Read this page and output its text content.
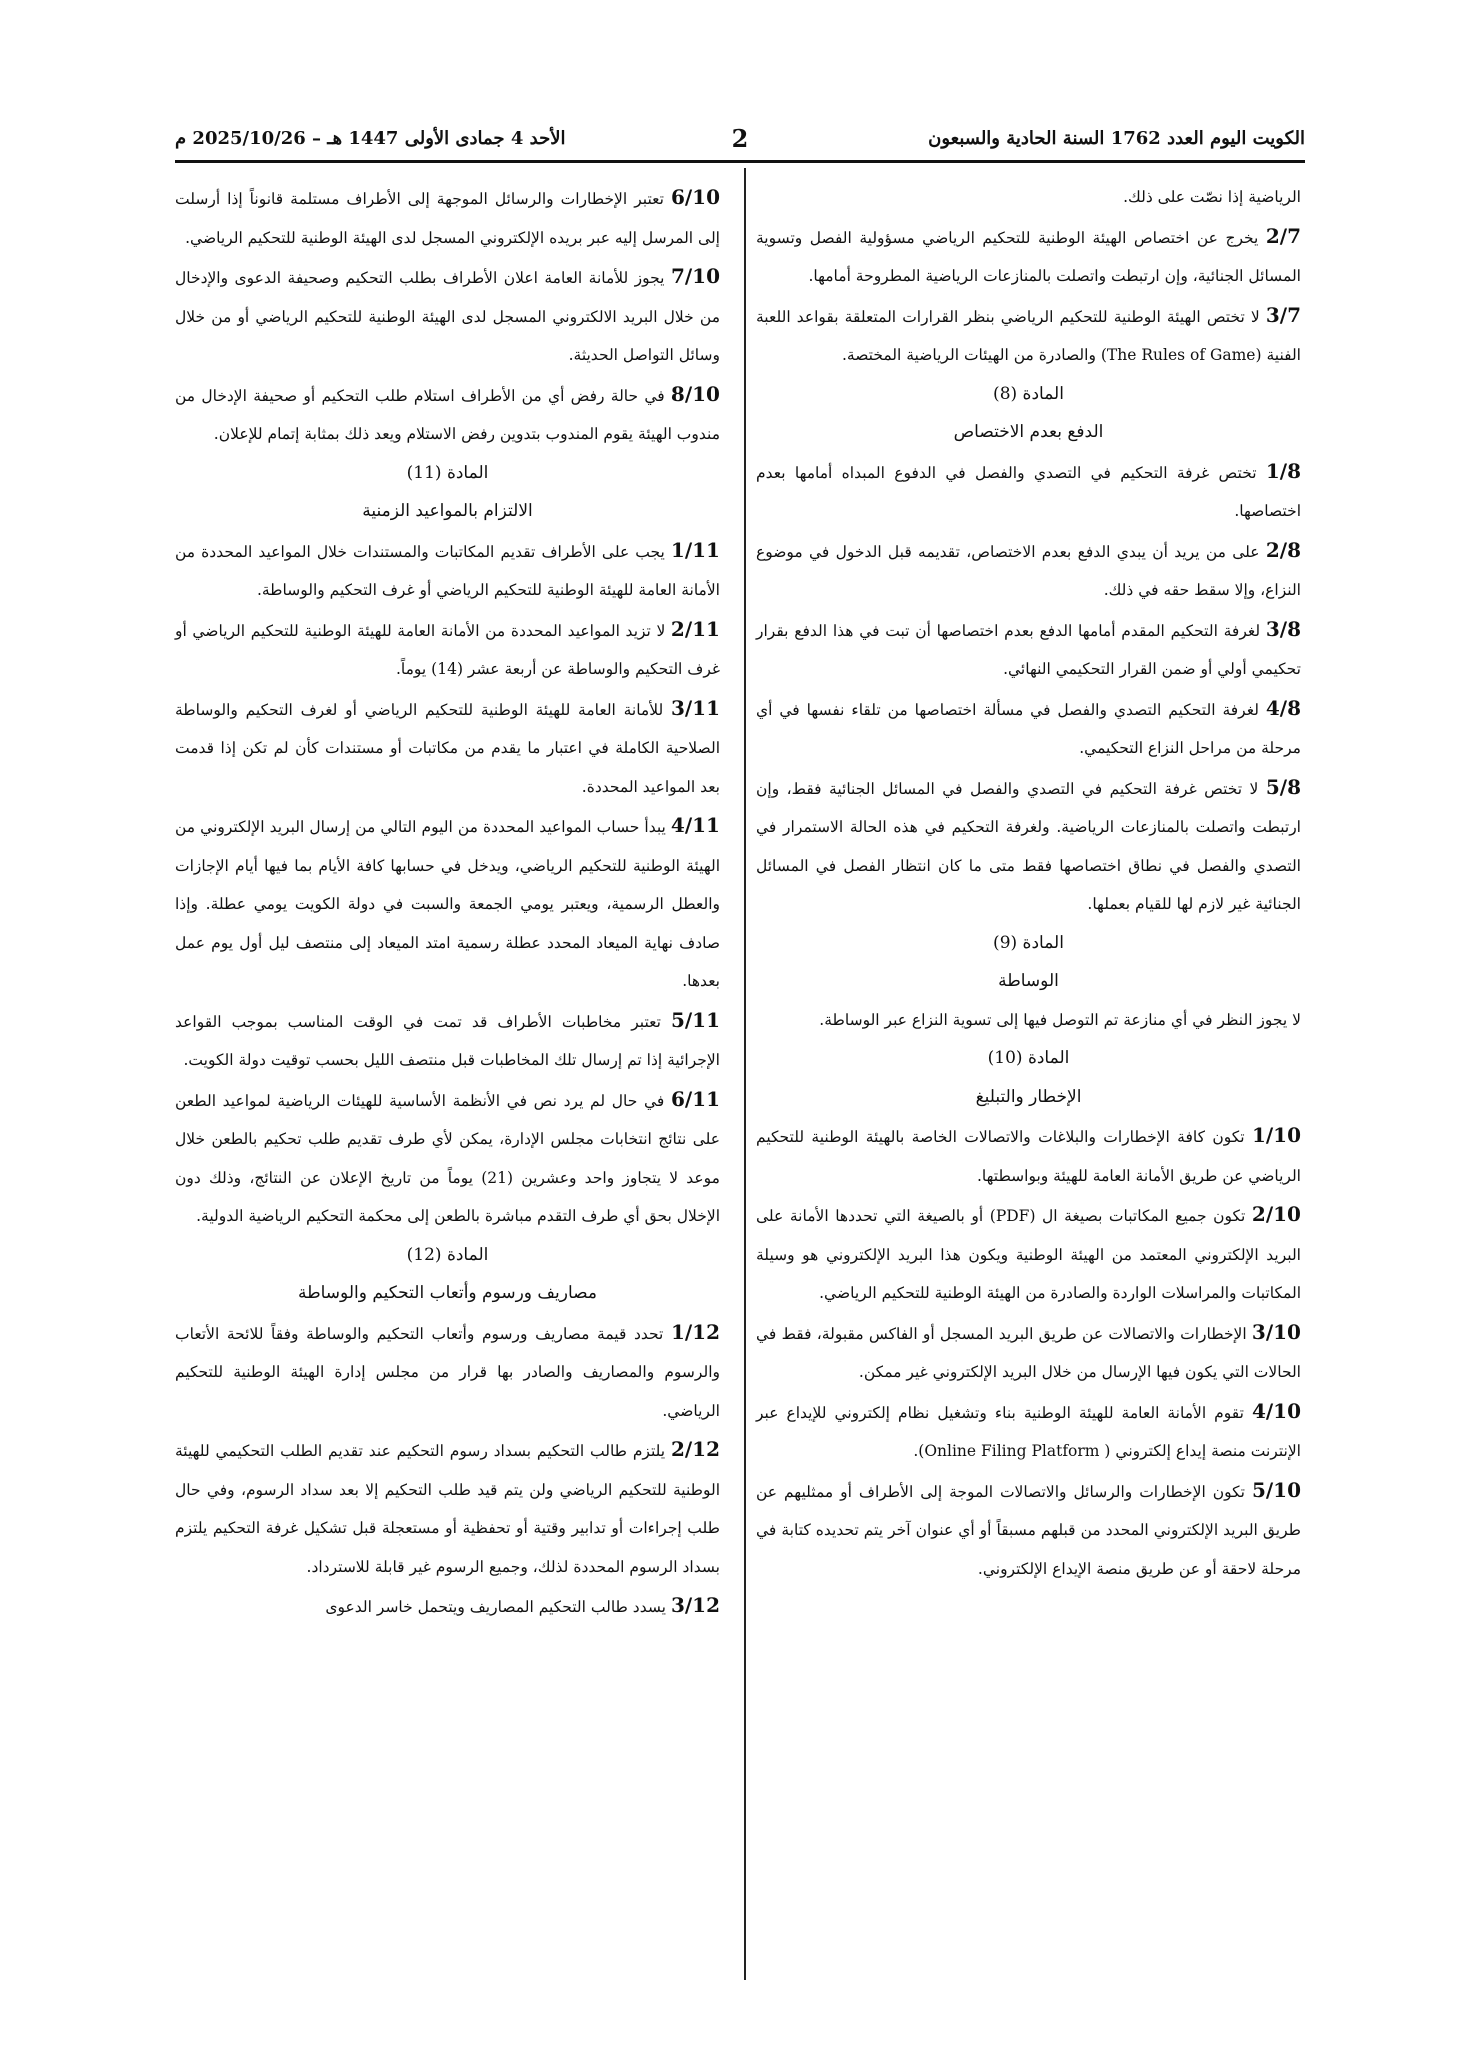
الكويت اليوم العدد 1762 السنة الحادية والسبعون
2
الأحد 4 جمادى الأولى 1447 هـ – 2025/10/26 م

الرياضية إذا نصّت على ذلك.

2/7 يخرج عن اختصاص الهيئة الوطنية للتحكيم الرياضي مسؤولية الفصل وتسوية المسائل الجنائية، وإن ارتبطت واتصلت بالمنازعات الرياضية المطروحة أمامها.

3/7 لا تختص الهيئة الوطنية للتحكيم الرياضي بنظر القرارات المتعلقة بقواعد اللعبة الفنية (The Rules of Game) والصادرة من الهيئات الرياضية المختصة.

المادة (8)

الدفع بعدم الاختصاص

1/8 تختص غرفة التحكيم في التصدي والفصل في الدفوع المبداه أمامها بعدم اختصاصها.

2/8 على من يريد أن يبدي الدفع بعدم الاختصاص، تقديمه قبل الدخول في موضوع النزاع، وإلا سقط حقه في ذلك.

3/8 لغرفة التحكيم المقدم أمامها الدفع بعدم اختصاصها أن تبت في هذا الدفع بقرار تحكيمي أولي أو ضمن القرار التحكيمي النهائي.

4/8 لغرفة التحكيم التصدي والفصل في مسألة اختصاصها من تلقاء نفسها في أي مرحلة من مراحل النزاع التحكيمي.

5/8 لا تختص غرفة التحكيم في التصدي والفصل في المسائل الجنائية فقط، وإن ارتبطت واتصلت بالمنازعات الرياضية. ولغرفة التحكيم في هذه الحالة الاستمرار في التصدي والفصل في نطاق اختصاصها فقط متى ما كان انتظار الفصل في المسائل الجنائية غير لازم لها للقيام بعملها.

المادة (9)

الوساطة

لا يجوز النظر في أي منازعة تم التوصل فيها إلى تسوية النزاع عبر الوساطة.

المادة (10)

الإخطار والتبليغ

1/10 تكون كافة الإخطارات والبلاغات والاتصالات الخاصة بالهيئة الوطنية للتحكيم الرياضي عن طريق الأمانة العامة للهيئة وبواسطتها.

2/10 تكون جميع المكاتبات بصيغة ال (PDF) أو بالصيغة التي تحددها الأمانة على البريد الإلكتروني المعتمد من الهيئة الوطنية ويكون هذا البريد الإلكتروني هو وسيلة المكاتبات والمراسلات الواردة والصادرة من الهيئة الوطنية للتحكيم الرياضي.

3/10 الإخطارات والاتصالات عن طريق البريد المسجل أو الفاكس مقبولة، فقط في الحالات التي يكون فيها الإرسال من خلال البريد الإلكتروني غير ممكن.

4/10 تقوم الأمانة العامة للهيئة الوطنية بناء وتشغيل نظام إلكتروني للإيداع عبر الإنترنت منصة إيداع إلكتروني ( Online Filing Platform).

5/10 تكون الإخطارات والرسائل والاتصالات الموجة إلى الأطراف أو ممثليهم عن طريق البريد الإلكتروني المحدد من قبلهم مسبقاً أو أي عنوان آخر يتم تحديده كتابة في مرحلة لاحقة أو عن طريق منصة الإيداع الإلكتروني.

6/10 تعتبر الإخطارات والرسائل الموجهة إلى الأطراف مستلمة قانوناً إذا أرسلت إلى المرسل إليه عبر بريده الإلكتروني المسجل لدى الهيئة الوطنية للتحكيم الرياضي.

7/10 يجوز للأمانة العامة اعلان الأطراف بطلب التحكيم وصحيفة الدعوى والإدخال من خلال البريد الالكتروني المسجل لدى الهيئة الوطنية للتحكيم الرياضي أو من خلال وسائل التواصل الحديثة.

8/10 في حالة رفض أي من الأطراف استلام طلب التحكيم أو صحيفة الإدخال من مندوب الهيئة يقوم المندوب بتدوين رفض الاستلام ويعد ذلك بمثابة إتمام للإعلان.

المادة (11)

الالتزام بالمواعيد الزمنية

1/11 يجب على الأطراف تقديم المكاتبات والمستندات خلال المواعيد المحددة من الأمانة العامة للهيئة الوطنية للتحكيم الرياضي أو غرف التحكيم والوساطة.

2/11 لا تزيد المواعيد المحددة من الأمانة العامة للهيئة الوطنية للتحكيم الرياضي أو غرف التحكيم والوساطة عن أربعة عشر (14) يوماً.

3/11 للأمانة العامة للهيئة الوطنية للتحكيم الرياضي أو لغرف التحكيم والوساطة الصلاحية الكاملة في اعتبار ما يقدم من مكاتبات أو مستندات كأن لم تكن إذا قدمت بعد المواعيد المحددة.

4/11 يبدأ حساب المواعيد المحددة من اليوم التالي من إرسال البريد الإلكتروني من الهيئة الوطنية للتحكيم الرياضي، ويدخل في حسابها كافة الأيام بما فيها أيام الإجازات والعطل الرسمية، ويعتبر يومي الجمعة والسبت في دولة الكويت يومي عطلة. وإذا صادف نهاية الميعاد المحدد عطلة رسمية امتد الميعاد إلى منتصف ليل أول يوم عمل بعدها.

5/11 تعتبر مخاطبات الأطراف قد تمت في الوقت المناسب بموجب القواعد الإجرائية إذا تم إرسال تلك المخاطبات قبل منتصف الليل بحسب توقيت دولة الكويت.

6/11 في حال لم يرد نص في الأنظمة الأساسية للهيئات الرياضية لمواعيد الطعن على نتائج انتخابات مجلس الإدارة، يمكن لأي طرف تقديم طلب تحكيم بالطعن خلال موعد لا يتجاوز واحد وعشرين (21) يوماً من تاريخ الإعلان عن النتائج، وذلك دون الإخلال بحق أي طرف التقدم مباشرة بالطعن إلى محكمة التحكيم الرياضية الدولية.

المادة (12)

مصاريف ورسوم وأتعاب التحكيم والوساطة

1/12 تحدد قيمة مصاريف ورسوم وأتعاب التحكيم والوساطة وفقاً للائحة الأتعاب والرسوم والمصاريف والصادر بها قرار من مجلس إدارة الهيئة الوطنية للتحكيم الرياضي.

2/12 يلتزم طالب التحكيم بسداد رسوم التحكيم عند تقديم الطلب التحكيمي للهيئة الوطنية للتحكيم الرياضي ولن يتم قيد طلب التحكيم إلا بعد سداد الرسوم، وفي حال طلب إجراءات أو تدابير وقتية أو تحفظية أو مستعجلة قبل تشكيل غرفة التحكيم يلتزم بسداد الرسوم المحددة لذلك، وجميع الرسوم غير قابلة للاسترداد.

3/12 يسدد طالب التحكيم المصاريف ويتحمل خاسر الدعوى
